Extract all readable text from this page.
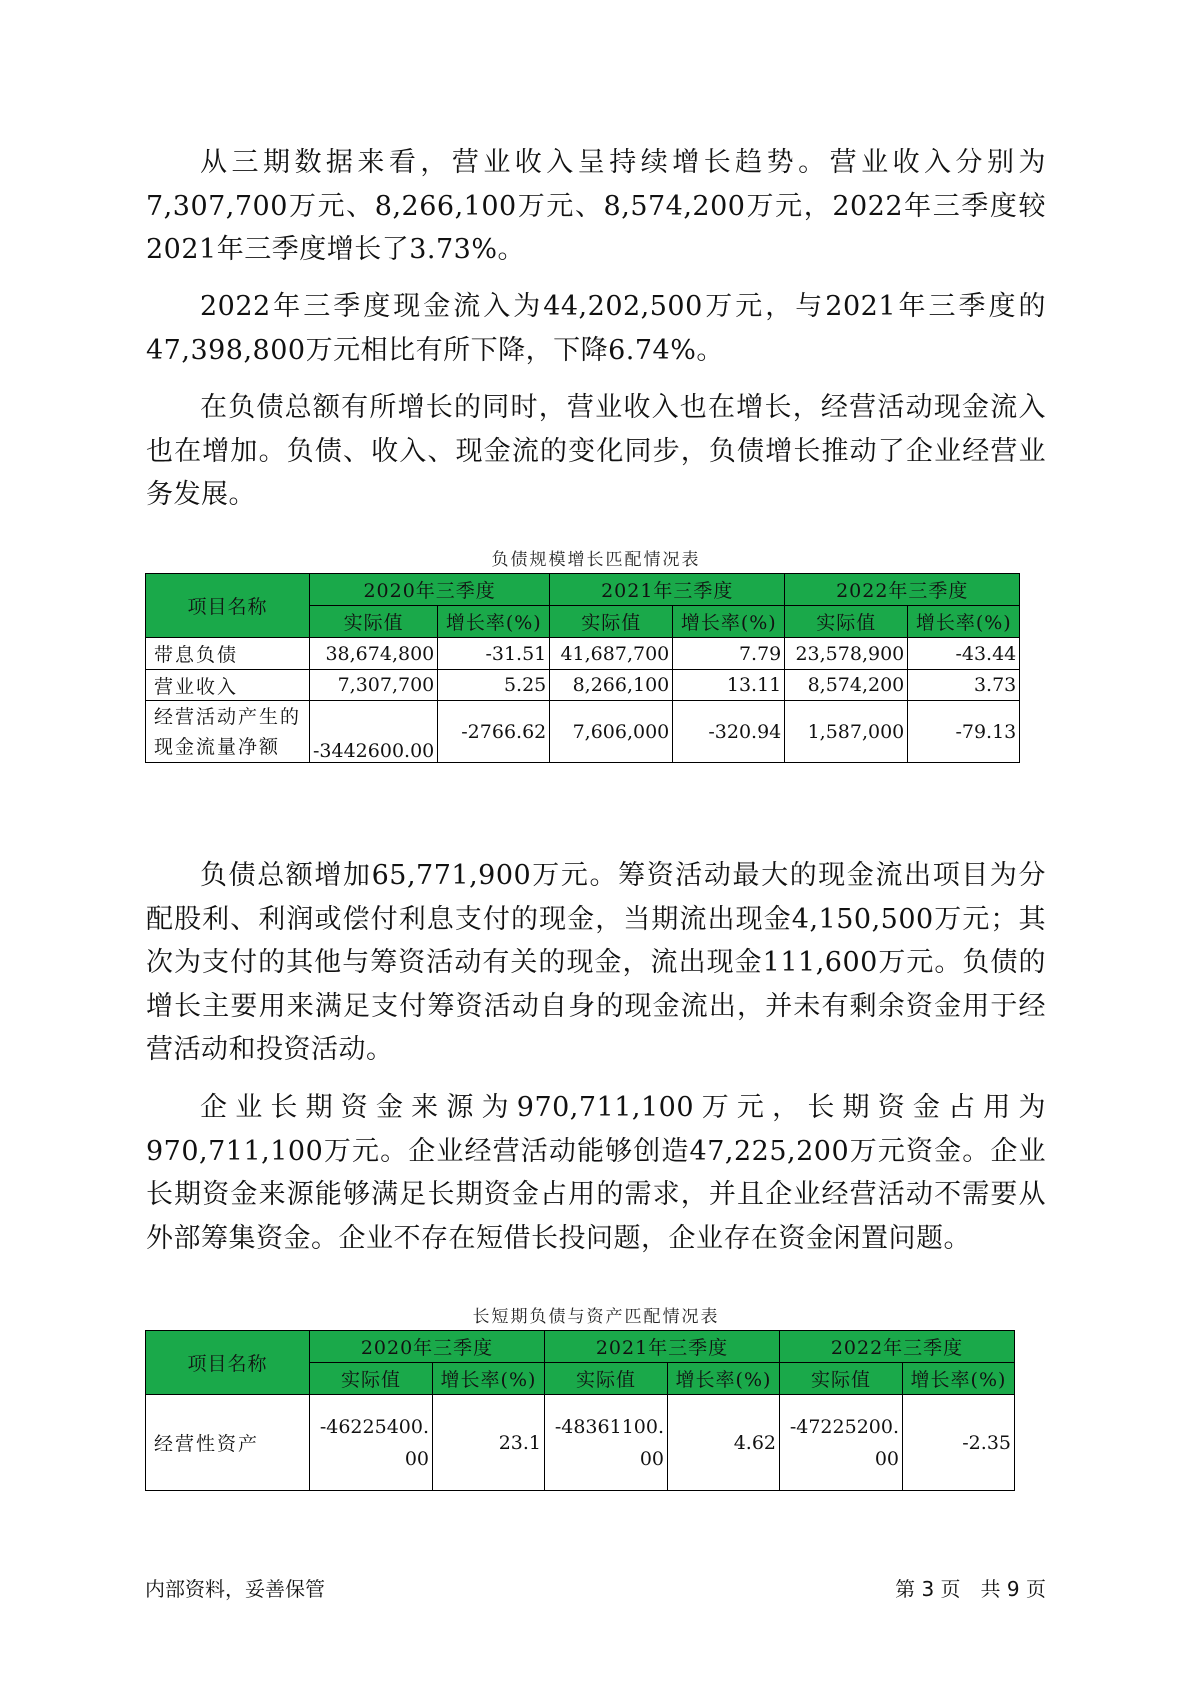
从三期数据来看，营业收入呈持续增长趋势。营业收入分别为7,307,700万元、8,266,100万元、8,574,200万元，2022年三季度较2021年三季度增长了3.73%。

2022年三季度现金流入为44,202,500万元，与2021年三季度的47,398,800万元相比有所下降，下降6.74%。

在负债总额有所增长的同时，营业收入也在增长，经营活动现金流入也在增加。负债、收入、现金流的变化同步，负债增长推动了企业经营业务发展。

负债规模增长匹配情况表
项目名称	2020年三季度		2021年三季度		2022年三季度	
	实际值	增长率(%)	实际值	增长率(%)	实际值	增长率(%)
带息负债	38,674,800	-31.51	41,687,700	7.79	23,578,900	-43.44
营业收入	7,307,700	5.25	8,266,100	13.11	8,574,200	3.73

经营活动产生的现金流量净额	-3442600.00	-2766.62	7,606,000	-320.94	1,587,000	-79.13

负债总额增加65,771,900万元。筹资活动最大的现金流出项目为分配股利、利润或偿付利息支付的现金，当期流出现金4,150,500万元；其次为支付的其他与筹资活动有关的现金，流出现金111,600万元。负债的增长主要用来满足支付筹资活动自身的现金流出，并未有剩余资金用于经营活动和投资活动。

企业长期资金来源为970,711,100万元，长期资金占用为970,711,100万元。企业经营活动能够创造47,225,200万元资金。企业长期资金来源能够满足长期资金占用的需求，并且企业经营活动不需要从外部筹集资金。企业不存在短借长投问题，企业存在资金闲置问题。

长短期负债与资产匹配情况表
项目名称	2020年三季度		2021年三季度		2022年三季度	
	实际值	增长率(%)	实际值	增长率(%)	实际值	增长率(%)
经营性资产	-46225400.00	23.1	-48361100.00	4.62	-47225200.00	-2.35
内部资料，妥善保管	第 3 页　共 9 页
